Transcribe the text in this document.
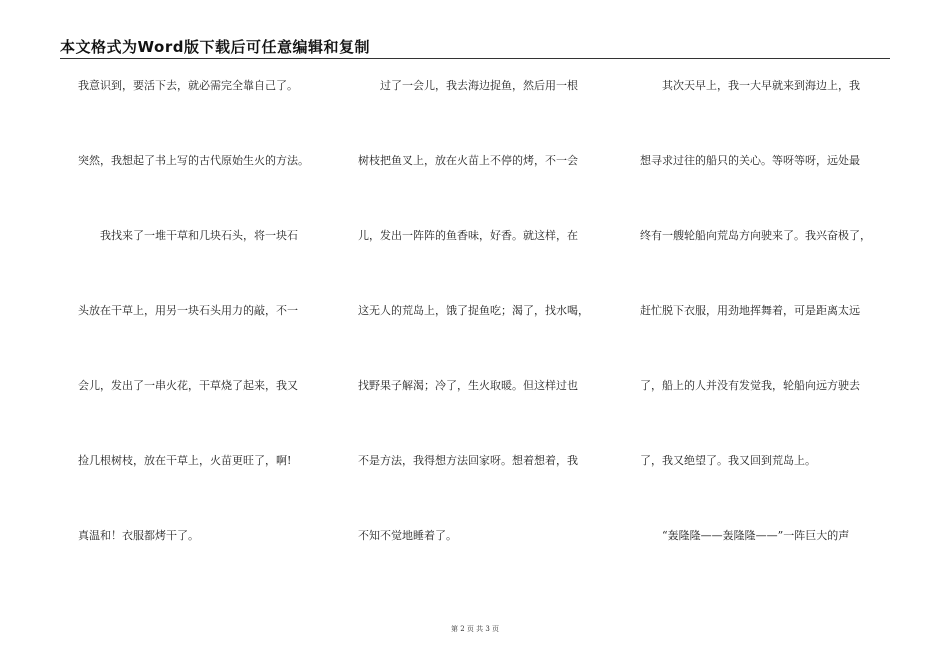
本文格式为Word版下载后可任意编辑和复制
我意识到，要活下去，就必需完全靠自己了。
突然，我想起了书上写的古代原始生火的方法。
我找来了一堆干草和几块石头，将一块石
头放在干草上，用另一块石头用力的敲，不一
会儿，发出了一串火花，干草烧了起来，我又
捡几根树枝，放在干草上，火苗更旺了，啊!
真温和！衣服都烤干了。
过了一会儿，我去海边捉鱼，然后用一根
树枝把鱼叉上，放在火苗上不停的烤，不一会
儿，发出一阵阵的鱼香味，好香。就这样，在
这无人的荒岛上，饿了捉鱼吃；渴了，找水喝，
找野果子解渴；冷了，生火取暖。但这样过也
不是方法，我得想方法回家呀。想着想着，我
不知不觉地睡着了。
其次天早上，我一大早就来到海边上，我
想寻求过往的船只的关心。等呀等呀，远处最
终有一艘轮船向荒岛方向驶来了。我兴奋极了，
赶忙脱下衣服，用劲地挥舞着，可是距离太远
了，船上的人并没有发觉我，轮船向远方驶去
了，我又绝望了。我又回到荒岛上。
“轰隆隆——轰隆隆——”一阵巨大的声
第 2 页 共 3 页
